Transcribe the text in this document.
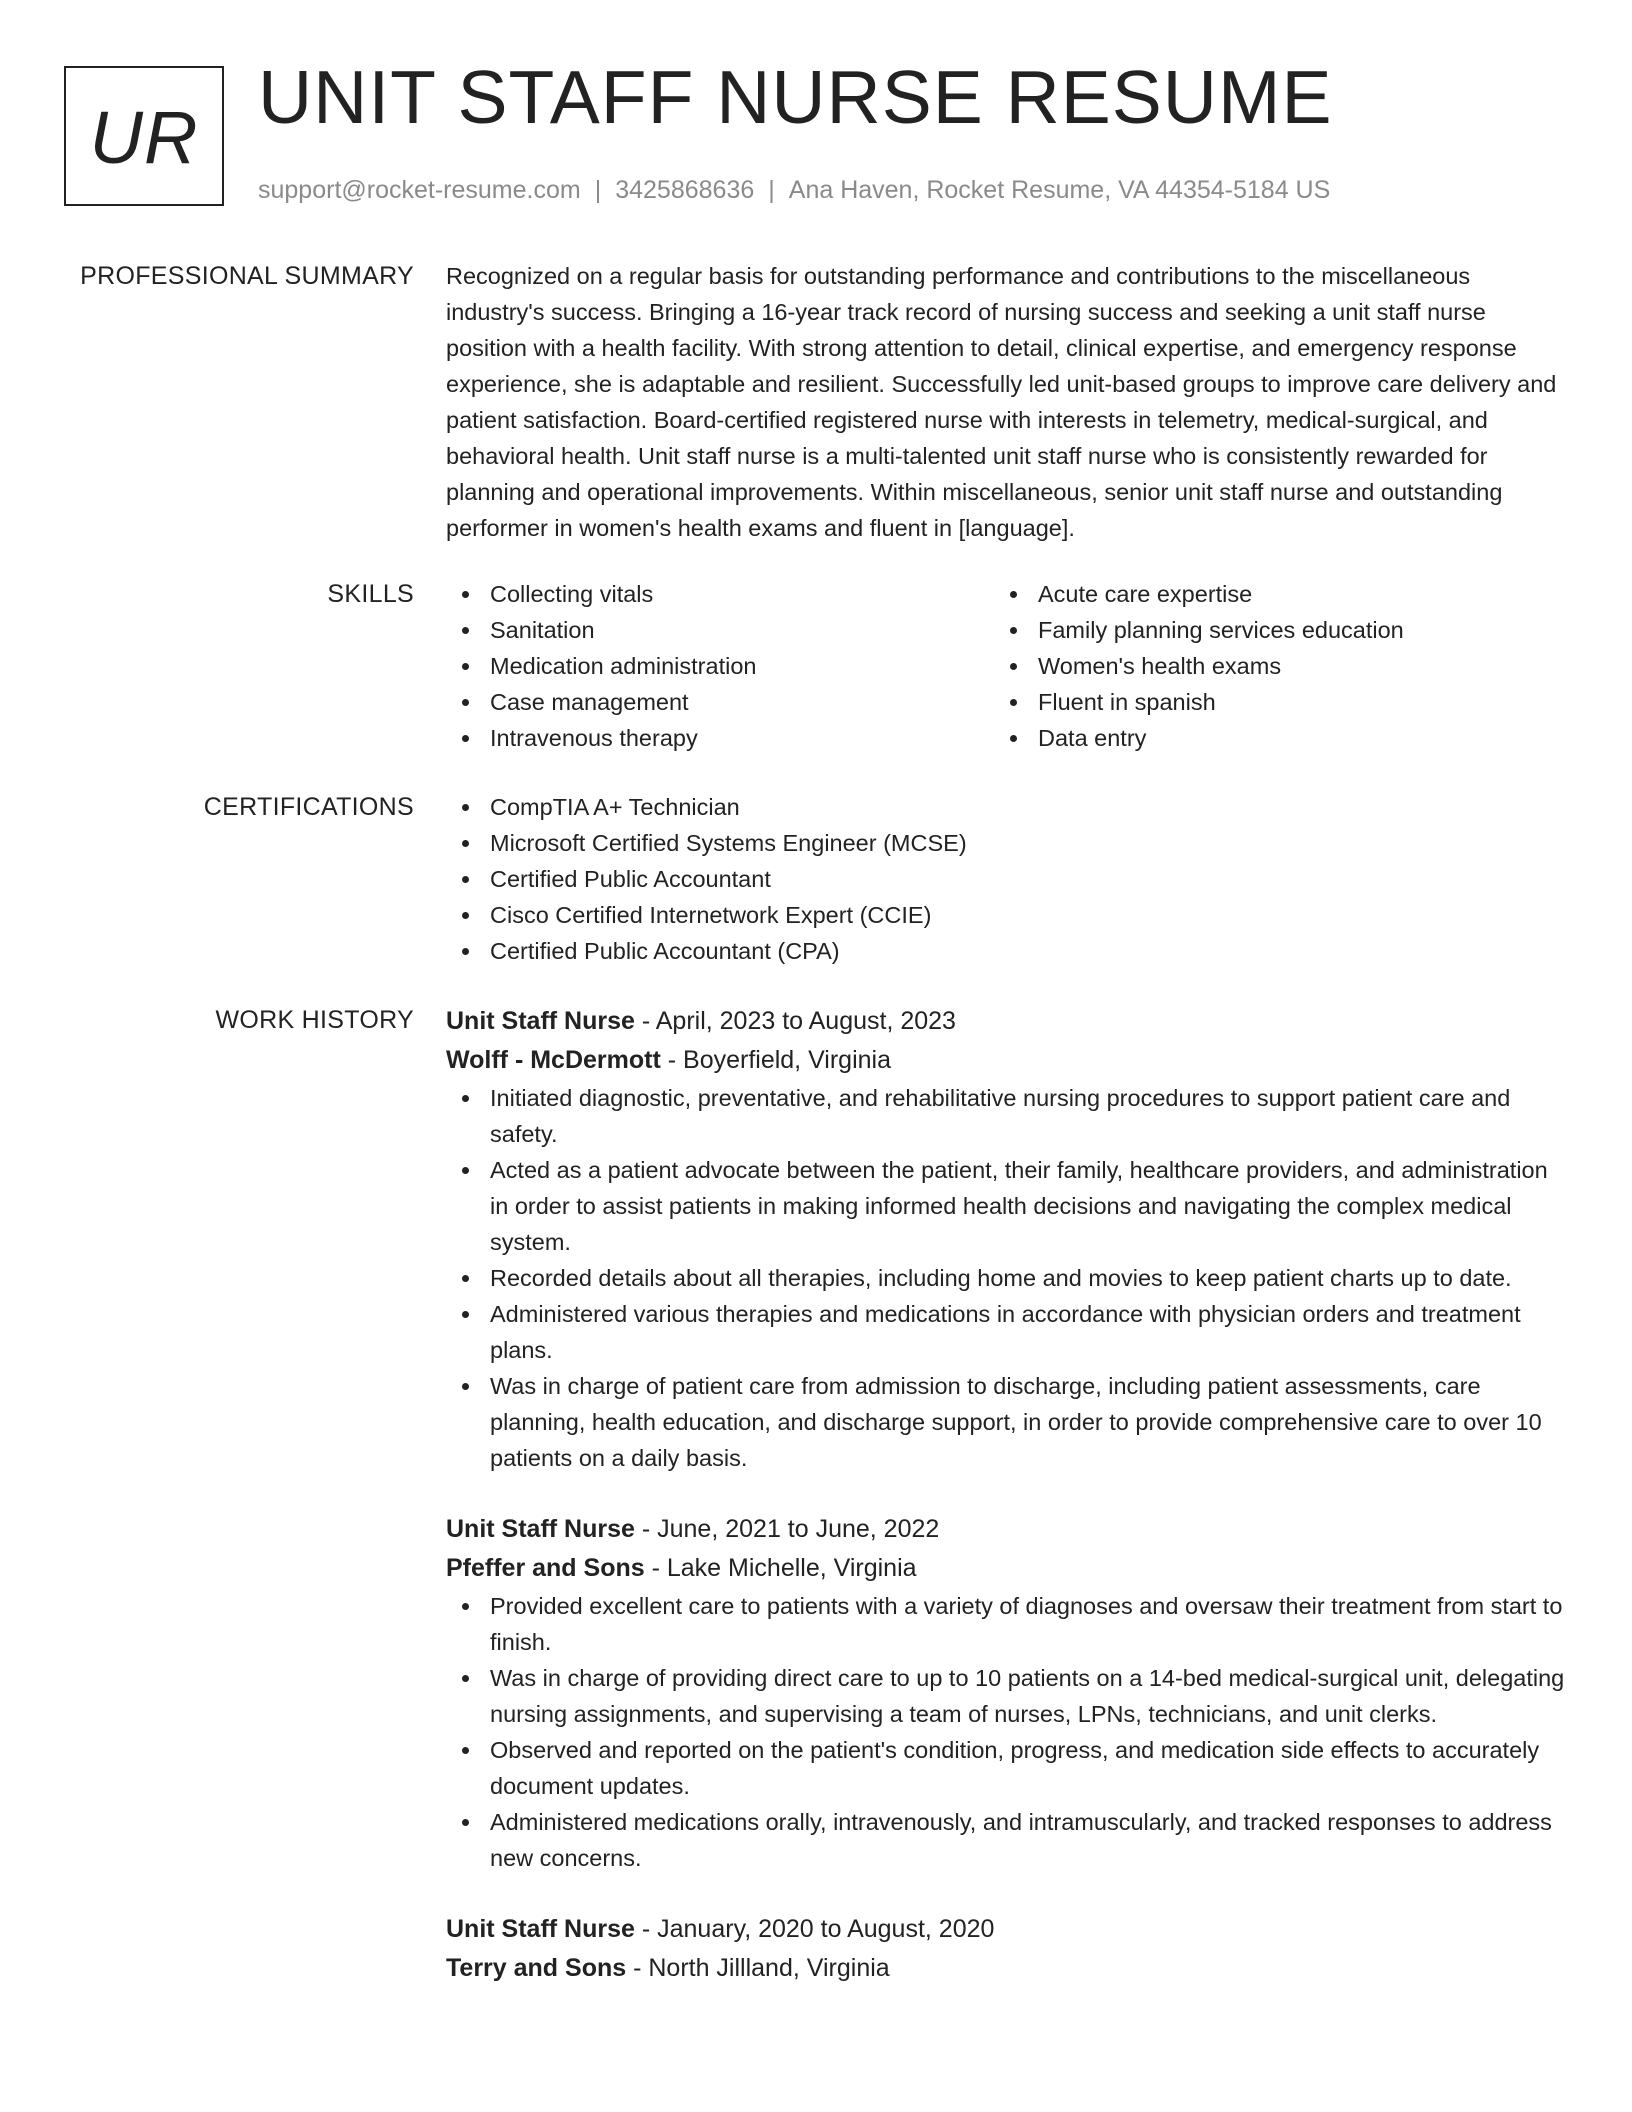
UR UNIT STAFF NURSE RESUME
support@rocket-resume.com | 3425868636 | Ana Haven, Rocket Resume, VA 44354-5184 US
PROFESSIONAL SUMMARY Recognized on a regular basis for outstanding performance and contributions to the miscellaneous industry's success. Bringing a 16-year track record of nursing success and seeking a unit staff nurse position with a health facility. With strong attention to detail, clinical expertise, and emergency response experience, she is adaptable and resilient. Successfully led unit-based groups to improve care delivery and patient satisfaction. Board-certified registered nurse with interests in telemetry, medical-surgical, and behavioral health. Unit staff nurse is a multi-talented unit staff nurse who is consistently rewarded for planning and operational improvements. Within miscellaneous, senior unit staff nurse and outstanding performer in women's health exams and fluent in [language].

SKILLS	Collecting vitals
Sanitation
Medication administration
Case management
Intravenous therapy
Acute care expertise
Family planning services education
Women's health exams
Fluent in spanish
Data entry
CERTIFICATIONS	CompTIA A+ Technician
Microsoft Certified Systems Engineer (MCSE)
Certified Public Accountant
Cisco Certified Internetwork Expert (CCIE)
Certified Public Accountant (CPA)
WORK HISTORY Unit Staff Nurse - April, 2023 to August, 2023
Wolff - McDermott - Boyerfield, Virginia
Initiated diagnostic, preventative, and rehabilitative nursing procedures to support patient care and safety.
Acted as a patient advocate between the patient, their family, healthcare providers, and administration in order to assist patients in making informed health decisions and navigating the complex medical system.
Recorded details about all therapies, including home and movies to keep patient charts up to date.
Administered various therapies and medications in accordance with physician orders and treatment plans.
Was in charge of patient care from admission to discharge, including patient assessments, care planning, health education, and discharge support, in order to provide comprehensive care to over 10 patients on a daily basis.
Unit Staff Nurse - June, 2021 to June, 2022
Pfeffer and Sons - Lake Michelle, Virginia
Provided excellent care to patients with a variety of diagnoses and oversaw their treatment from start to finish.
Was in charge of providing direct care to up to 10 patients on a 14-bed medical-surgical unit, delegating nursing assignments, and supervising a team of nurses, LPNs, technicians, and unit clerks.
Observed and reported on the patient's condition, progress, and medication side effects to accurately document updates.
Administered medications orally, intravenously, and intramuscularly, and tracked responses to address new concerns.
Unit Staff Nurse - January, 2020 to August, 2020
Terry and Sons - North Jillland, Virginia
